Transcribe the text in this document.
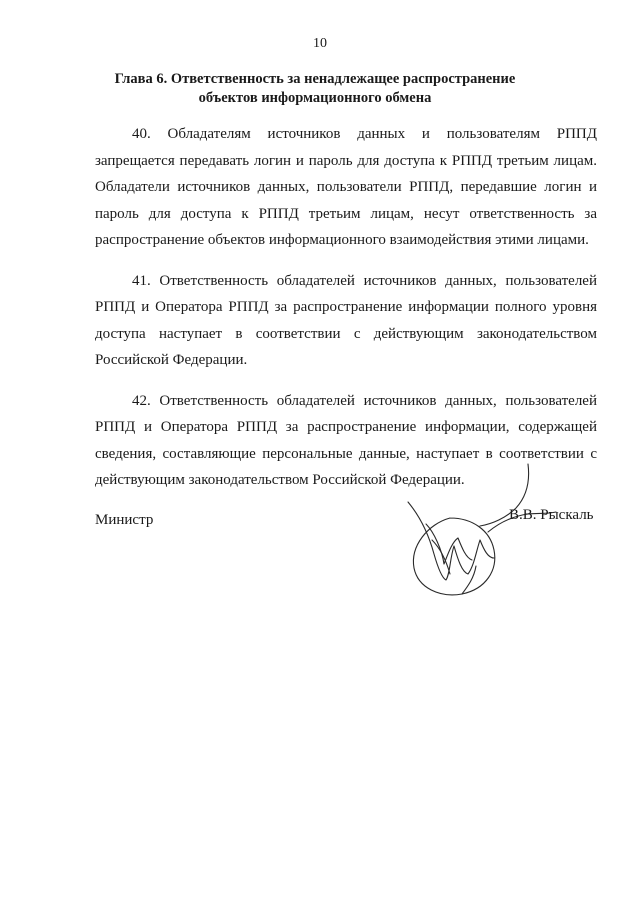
10
Глава 6. Ответственность за ненадлежащее распространение объектов информационного обмена

40. Обладателям источников данных и пользователям РППД запрещается передавать логин и пароль для доступа к РППД третьим лицам. Обладатели источников данных, пользователи РППД, передавшие логин и пароль для доступа к РППД третьим лицам, несут ответственность за распространение объектов информационного взаимодействия этими лицами.

41. Ответственность обладателей источников данных, пользователей РППД и Оператора РППД за распространение информации полного уровня доступа наступает в соответствии с действующим законодательством Российской Федерации.

42. Ответственность обладателей источников данных, пользователей РППД и Оператора РППД за распространение информации, содержащей сведения, составляющие персональные данные, наступает в соответствии с действующим законодательством Российской Федерации.

Министр	В.В. Рыскаль
